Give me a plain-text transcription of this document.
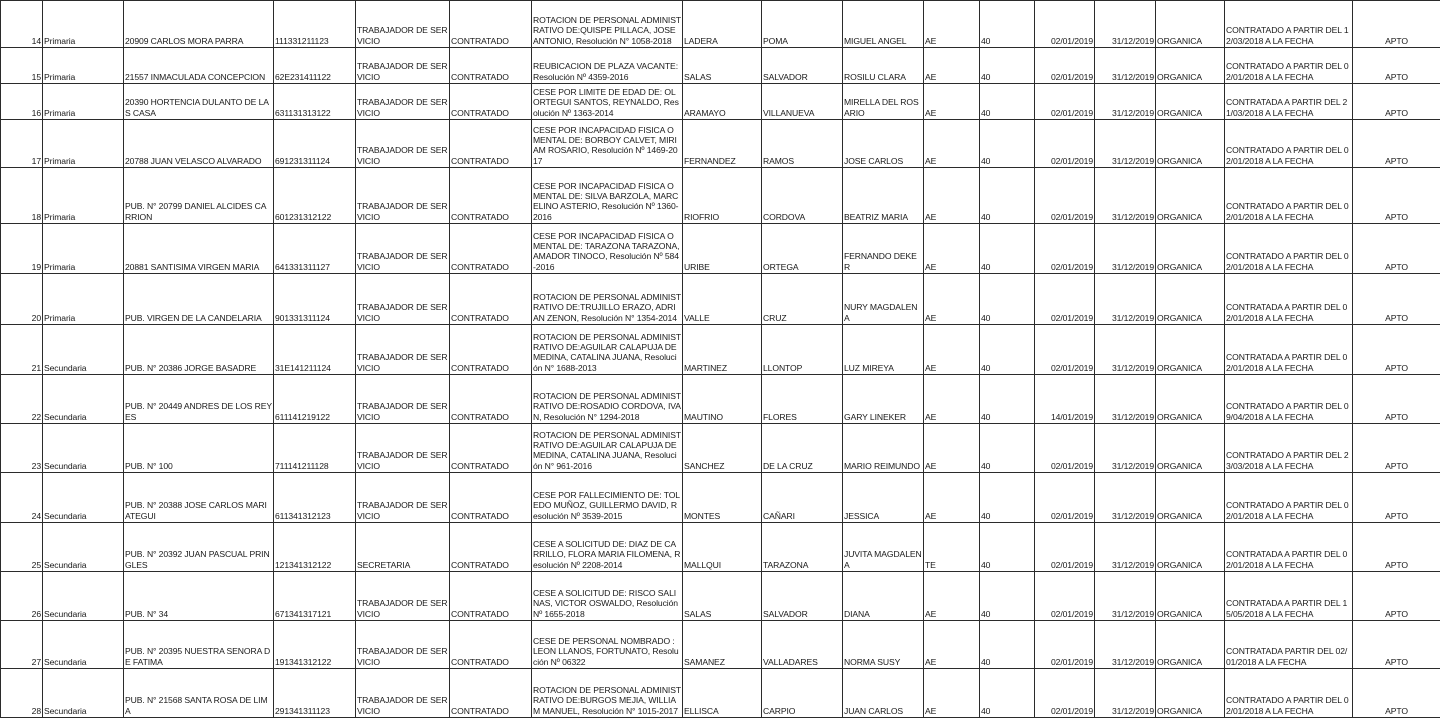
14	Primaria	20909 CARLOS MORA PARRA	111331211123	TRABAJADOR DE SERVICIO	CONTRATADO	ROTACION DE PERSONAL ADMINISTRATIVO DE:QUISPE PILLACA, JOSE ANTONIO, Resolución N° 1058-2018	LADERA	POMA	MIGUEL ANGEL	AE	40	02/01/2019	31/12/2019	ORGANICA	CONTRATADO A PARTIR DEL 12/03/2018 A LA FECHA	APTO
15	Primaria	21557 INMACULADA CONCEPCION	62E231411122	TRABAJADOR DE SERVICIO	CONTRATADO	REUBICACION DE PLAZA VACANTE: Resolución Nº 4359-2016	SALAS	SALVADOR	ROSILU CLARA	AE	40	02/01/2019	31/12/2019	ORGANICA	CONTRATADO A PARTIR DEL 02/01/2018 A LA FECHA	APTO
16	Primaria	20390 HORTENCIA DULANTO DE LAS CASA	631131313122	TRABAJADOR DE SERVICIO	CONTRATADO	CESE POR LIMITE DE EDAD DE: OLORTEGUI SANTOS, REYNALDO, Resolución Nº 1363-2014	ARAMAYO	VILLANUEVA	MIRELLA DEL ROSARIO	AE	40	02/01/2019	31/12/2019	ORGANICA	CONTRATADA A PARTIR DEL 21/03/2018 A LA FECHA	APTO
17	Primaria	20788 JUAN VELASCO ALVARADO	691231311124	TRABAJADOR DE SERVICIO	CONTRATADO	CESE POR INCAPACIDAD FISICA O MENTAL DE: BORBOY CALVET, MIRIAM ROSARIO, Resolución Nº 1469-2017	FERNANDEZ	RAMOS	JOSE CARLOS	AE	40	02/01/2019	31/12/2019	ORGANICA	CONTRATADO A PARTIR DEL 02/01/2018 A LA FECHA	APTO
18	Primaria	PUB. N° 20799 DANIEL ALCIDES CARRION	601231312122	TRABAJADOR DE SERVICIO	CONTRATADO	CESE POR INCAPACIDAD FISICA O MENTAL DE: SILVA BARZOLA, MARCELINO ASTERIO, Resolución Nº 1360-2016	RIOFRIO	CORDOVA	BEATRIZ MARIA	AE	40	02/01/2019	31/12/2019	ORGANICA	CONTRATADO A PARTIR DEL 02/01/2018 A LA FECHA	APTO
19	Primaria	20881 SANTISIMA VIRGEN MARIA	641331311127	TRABAJADOR DE SERVICIO	CONTRATADO	CESE POR INCAPACIDAD FISICA O MENTAL DE: TARAZONA TARAZONA, AMADOR TINOCO, Resolución Nº 584-2016	URIBE	ORTEGA	FERNANDO DEKER	AE	40	02/01/2019	31/12/2019	ORGANICA	CONTRATADO A PARTIR DEL 02/01/2018 A LA FECHA	APTO
20	Primaria	PUB. VIRGEN DE LA CANDELARIA	901331311124	TRABAJADOR DE SERVICIO	CONTRATADO	ROTACION DE PERSONAL ADMINISTRATIVO DE:TRUJILLO ERAZO, ADRIAN ZENON, Resolución N° 1354-2014	VALLE	CRUZ	NURY MAGDALENA	AE	40	02/01/2019	31/12/2019	ORGANICA	CONTRATADA A PARTIR DEL 02/01/2018 A LA FECHA	APTO
21	Secundaria	PUB. N° 20386 JORGE BASADRE	31E141211124	TRABAJADOR DE SERVICIO	CONTRATADO	ROTACION DE PERSONAL ADMINISTRATIVO DE:AGUILAR CALAPUJA DE MEDINA, CATALINA JUANA, Resolución N° 1688-2013	MARTINEZ	LLONTOP	LUZ MIREYA	AE	40	02/01/2019	31/12/2019	ORGANICA	CONTRATADA A PARTIR DEL 02/01/2018 A LA FECHA	APTO
22	Secundaria	PUB. N° 20449 ANDRES DE LOS REYES	611141219122	TRABAJADOR DE SERVICIO	CONTRATADO	ROTACION DE PERSONAL ADMINISTRATIVO DE:ROSADIO CORDOVA, IVAN, Resolución N° 1294-2018	MAUTINO	FLORES	GARY LINEKER	AE	40	14/01/2019	31/12/2019	ORGANICA	CONTRATADO A PARTIR DEL 09/04/2018 A LA FECHA	APTO
23	Secundaria	PUB. N° 100	711141211128	TRABAJADOR DE SERVICIO	CONTRATADO	ROTACION DE PERSONAL ADMINISTRATIVO DE:AGUILAR CALAPUJA DE MEDINA, CATALINA JUANA, Resolución N° 961-2016	SANCHEZ	DE LA CRUZ	MARIO REIMUNDO	AE	40	02/01/2019	31/12/2019	ORGANICA	CONTRATADO A PARTIR DEL 23/03/2018 A LA FECHA	APTO
24	Secundaria	PUB. N° 20388 JOSE CARLOS MARIATEGUI	611341312123	TRABAJADOR DE SERVICIO	CONTRATADO	CESE POR FALLECIMIENTO DE: TOLEDO MUÑOZ, GUILLERMO DAVID, Resolución Nº 3539-2015	MONTES	CAÑARI	JESSICA	AE	40	02/01/2019	31/12/2019	ORGANICA	CONTRATADO A PARTIR DEL 02/01/2018 A LA FECHA	APTO
25	Secundaria	PUB. N° 20392 JUAN PASCUAL PRINGLES	121341312122	SECRETARIA	CONTRATADO	CESE A SOLICITUD DE: DIAZ DE CARRILLO, FLORA MARIA FILOMENA, Resolución Nº 2208-2014	MALLQUI	TARAZONA	JUVITA MAGDALENA	TE	40	02/01/2019	31/12/2019	ORGANICA	CONTRATADA A PARTIR DEL 02/01/2018 A LA FECHA	APTO
26	Secundaria	PUB. N° 34	671341317121	TRABAJADOR DE SERVICIO	CONTRATADO	CESE A SOLICITUD DE: RISCO SALINAS, VICTOR OSWALDO, Resolución Nº 1655-2018	SALAS	SALVADOR	DIANA	AE	40	02/01/2019	31/12/2019	ORGANICA	CONTRATADA A PARTIR DEL 15/05/2018 A LA FECHA	APTO
27	Secundaria	PUB. N° 20395 NUESTRA SENORA DE FATIMA	191341312122	TRABAJADOR DE SERVICIO	CONTRATADO	CESE DE PERSONAL NOMBRADO : LEON LLANOS, FORTUNATO, Resolución Nº 06322	SAMANEZ	VALLADARES	NORMA SUSY	AE	40	02/01/2019	31/12/2019	ORGANICA	CONTRATADA PARTIR DEL 02/01/2018 A LA FECHA	APTO
28	Secundaria	PUB. N° 21568 SANTA ROSA DE LIMA	291341311123	TRABAJADOR DE SERVICIO	CONTRATADO	ROTACION DE PERSONAL ADMINISTRATIVO DE:BURGOS MEJIA, WILLIAM MANUEL, Resolución N° 1015-2017	ELLISCA	CARPIO	JUAN CARLOS	AE	40	02/01/2019	31/12/2019	ORGANICA	CONTRATADO A PARTIR DEL 02/01/2018 A LA FECHA	APTO
